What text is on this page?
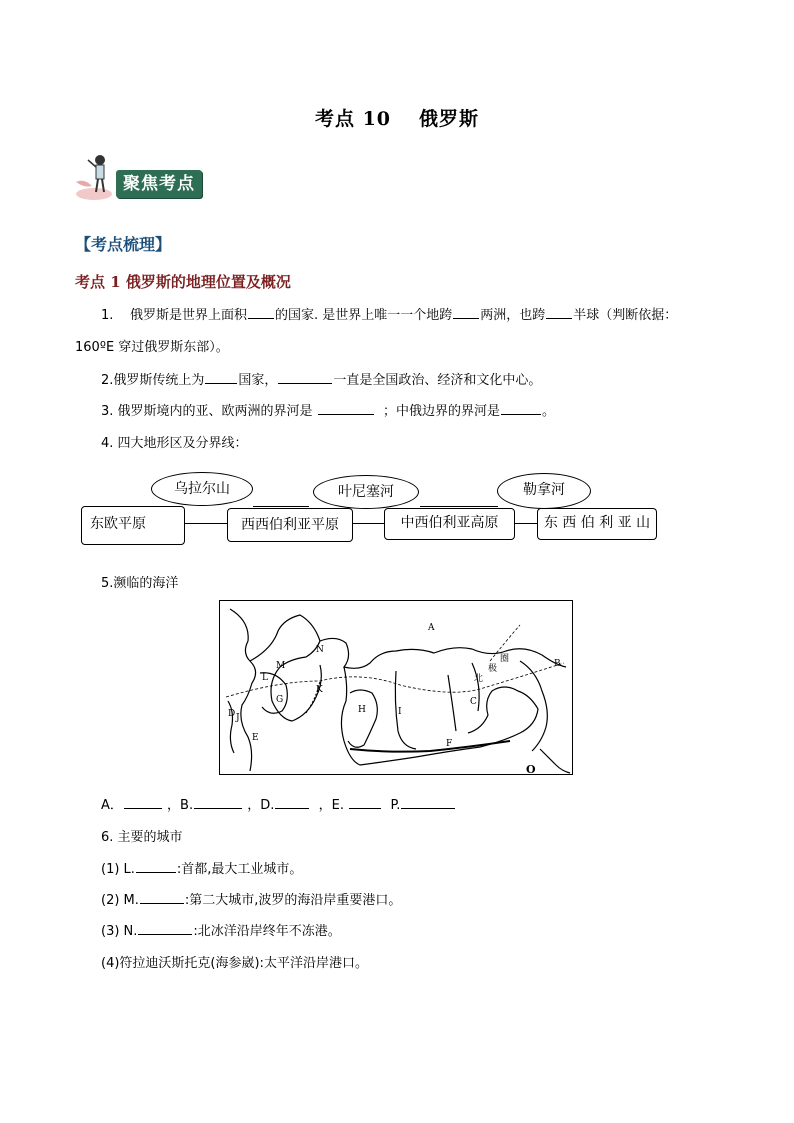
考点 10 俄罗斯
聚焦考点
【考点梳理】
考点 1 俄罗斯的地理位置及概况
1. 俄罗斯是世界上面积 的国家. 是世界上唯一一个地跨 两洲，也跨 半球（判断依据：
160ºE 穿过俄罗斯东部）。
2.俄罗斯传统上为	国家，	一直是全国政治、经济和文化中心。
3. 俄罗斯境内的亚、欧两洲的界河是	；中俄边界的界河是	。
4. 四大地形区及分界线：
东欧平原	西西伯利亚平原	中西伯利亚高原	东 西 伯 利 亚 山
乌拉尔山	叶尼塞河	勒拿河
5.濒临的海洋
A
B
C
D
E
F
G
H	I
J
K
L
M
N
O
北
极
圈
A．	，B.	，D.	，E.	P.
6. 主要的城市
(1) L.	:首都,最大工业城市。
(2) M.	:第二大城市,波罗的海沿岸重要港口。
(3) N.	:北冰洋沿岸终年不冻港。
(4)符拉迪沃斯托克(海参崴):太平洋沿岸港口。
